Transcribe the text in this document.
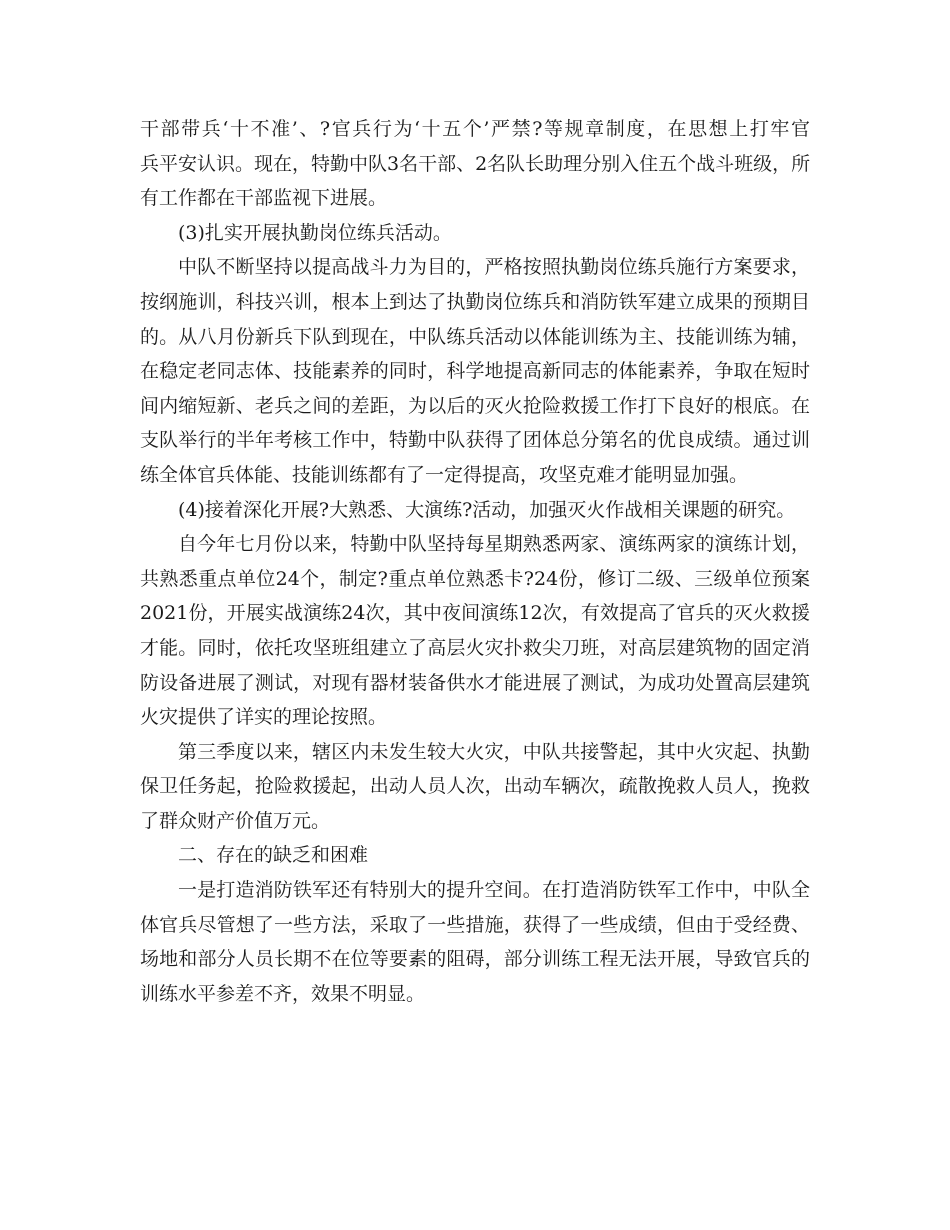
干部带兵‘十不准’、?官兵行为‘十五个’严禁?等规章制度，在思想上打牢官
兵平安认识。现在，特勤中队3名干部、2名队长助理分别入住五个战斗班级，所
有工作都在干部监视下进展。
(3)扎实开展执勤岗位练兵活动。
中队不断坚持以提高战斗力为目的，严格按照执勤岗位练兵施行方案要求，
按纲施训，科技兴训，根本上到达了执勤岗位练兵和消防铁军建立成果的预期目
的。从八月份新兵下队到现在，中队练兵活动以体能训练为主、技能训练为辅，
在稳定老同志体、技能素养的同时，科学地提高新同志的体能素养，争取在短时
间内缩短新、老兵之间的差距，为以后的灭火抢险救援工作打下良好的根底。在
支队举行的半年考核工作中，特勤中队获得了团体总分第名的优良成绩。通过训
练全体官兵体能、技能训练都有了一定得提高，攻坚克难才能明显加强。
(4)接着深化开展?大熟悉、大演练?活动，加强灭火作战相关课题的研究。
自今年七月份以来，特勤中队坚持每星期熟悉两家、演练两家的演练计划，
共熟悉重点单位24个，制定?重点单位熟悉卡?24份，修订二级、三级单位预案
2021份，开展实战演练24次，其中夜间演练12次，有效提高了官兵的灭火救援
才能。同时，依托攻坚班组建立了高层火灾扑救尖刀班，对高层建筑物的固定消
防设备进展了测试，对现有器材装备供水才能进展了测试，为成功处置高层建筑
火灾提供了详实的理论按照。
第三季度以来，辖区内未发生较大火灾，中队共接警起，其中火灾起、执勤
保卫任务起，抢险救援起，出动人员人次，出动车辆次，疏散挽救人员人，挽救
了群众财产价值万元。
二、存在的缺乏和困难
一是打造消防铁军还有特别大的提升空间。在打造消防铁军工作中，中队全
体官兵尽管想了一些方法，采取了一些措施，获得了一些成绩，但由于受经费、
场地和部分人员长期不在位等要素的阻碍，部分训练工程无法开展，导致官兵的
训练水平参差不齐，效果不明显。
